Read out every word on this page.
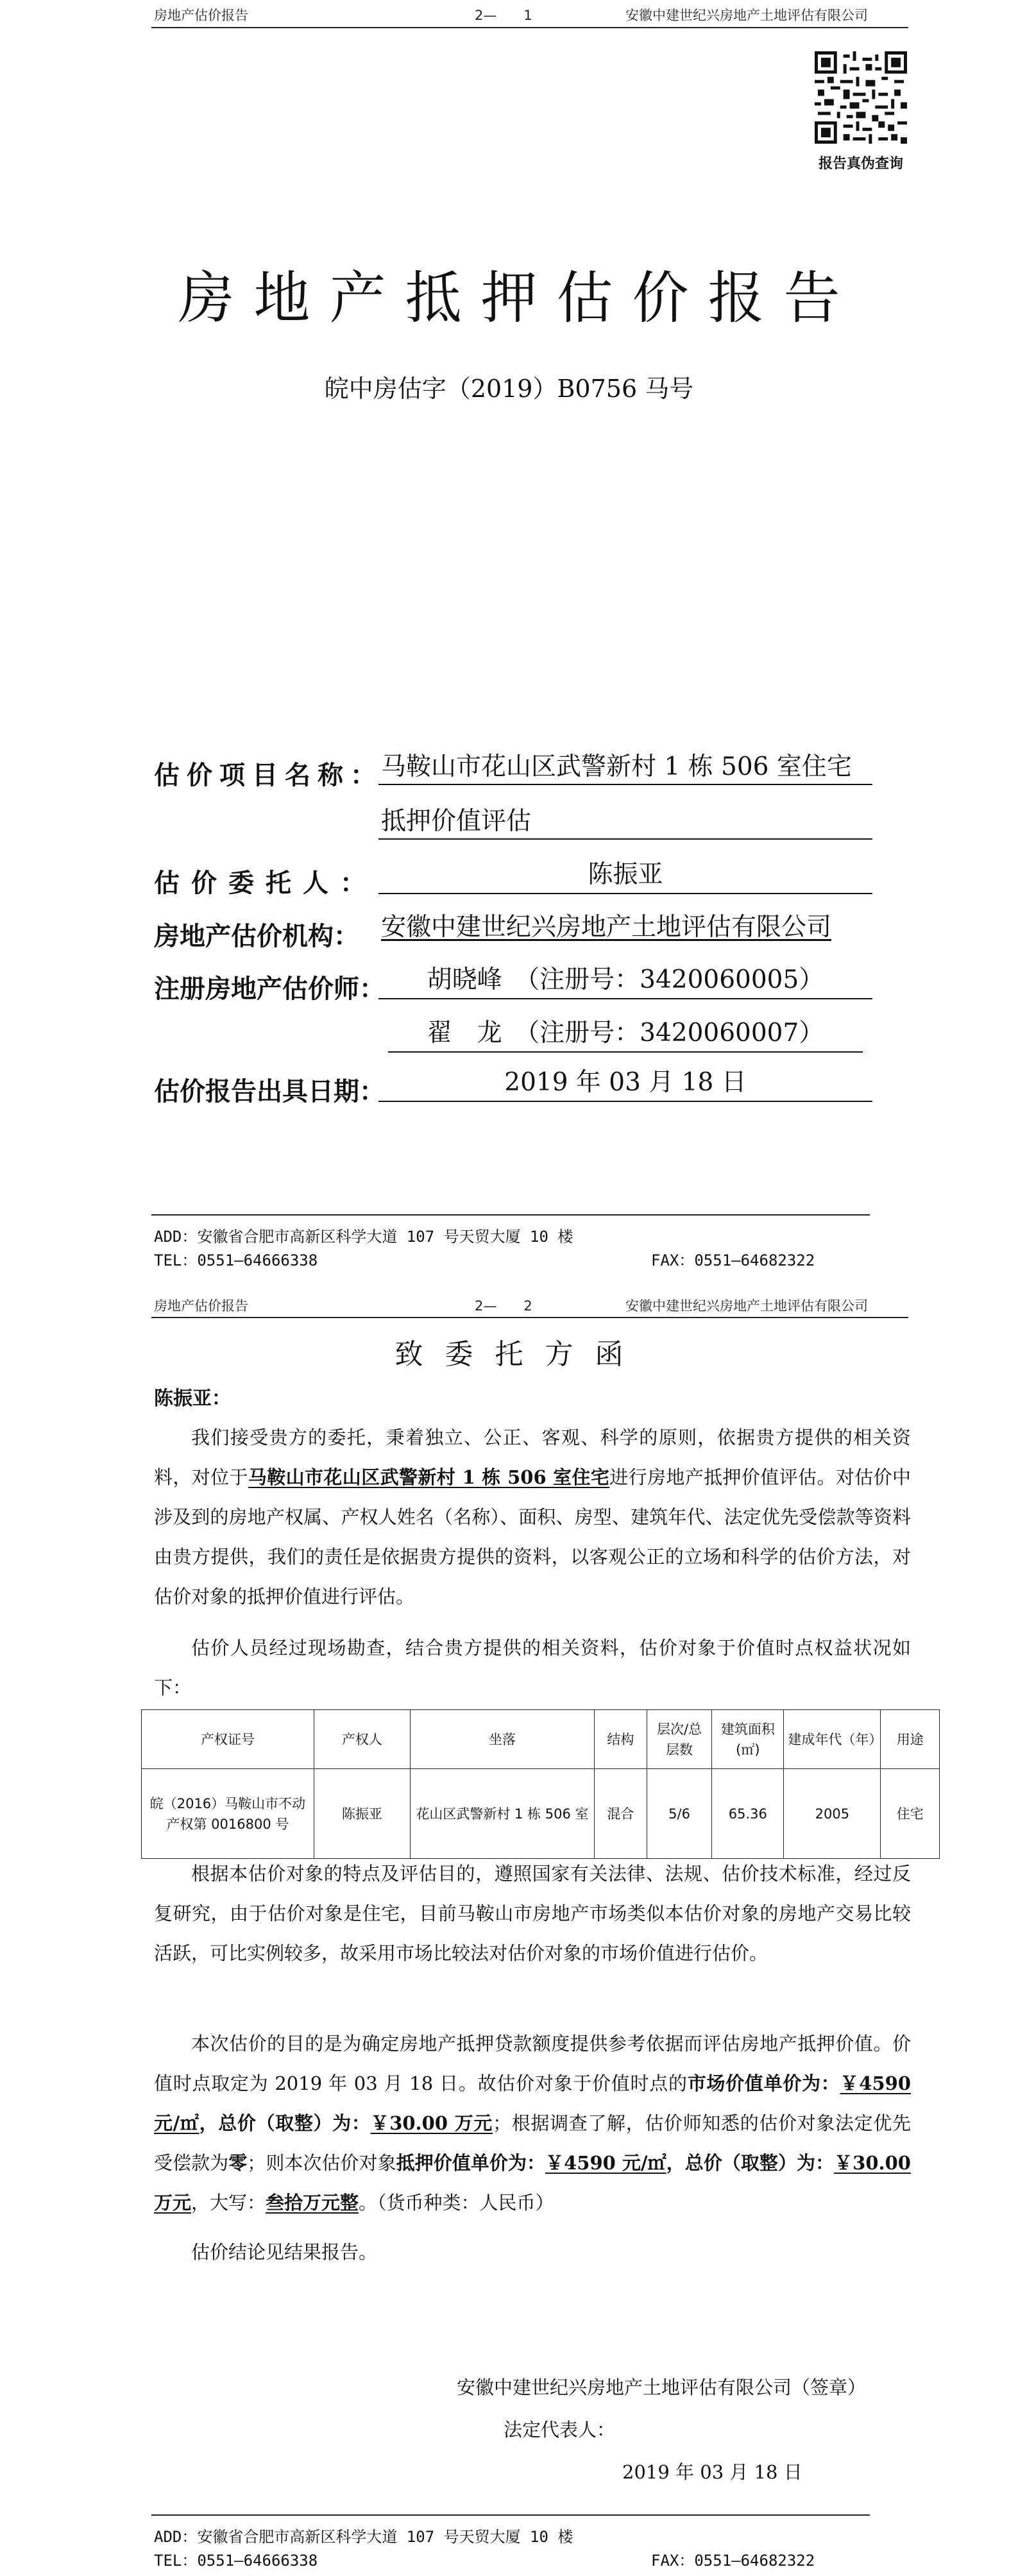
房地产估价报告	2—　　1	安徽中建世纪兴房地产土地评估有限公司
报告真伪查询
房地产抵押估价报告
皖中房估字（2019）B0756 马号
估价项目名称：
马鞍山市花山区武警新村 1 栋 506 室住宅
抵押价值评估
估价委托人：	陈振亚
房地产估价机构： 安徽中建世纪兴房地产土地评估有限公司
注册房地产估价师：	胡晓峰　（注册号：3420060005）
翟　龙　（注册号：3420060007）
估价报告出具日期：	2019 年 03 月 18 日
ADD：安徽省合肥市高新区科学大道 107 号天贸大厦 10 楼
TEL：0551—64666338	FAX：0551—64682322
房地产估价报告	2—　　2	安徽中建世纪兴房地产土地评估有限公司
致委托方函
陈振亚：
我们接受贵方的委托，秉着独立、公正、客观、科学的原则，依据贵方提供的相关资料，对位于马鞍山市花山区武警新村 1 栋 506 室住宅进行房地产抵押价值评估。对估价中涉及到的房地产权属、产权人姓名（名称）、面积、房型、建筑年代、法定优先受偿款等资料由贵方提供，我们的责任是依据贵方提供的资料，以客观公正的立场和科学的估价方法，对估价对象的抵押价值进行评估。
估价人员经过现场勘查，结合贵方提供的相关资料，估价对象于价值时点权益状况如下：
产权证号	产权人	坐落	结构	层次/总层数	建筑面积(㎡)	建成年代（年）	用途
皖（2016）马鞍山市不动产权第 0016800 号	陈振亚	花山区武警新村 1 栋 506 室	混合	5/6	65.36	2005	住宅
根据本估价对象的特点及评估目的，遵照国家有关法律、法规、估价技术标准，经过反复研究，由于估价对象是住宅，目前马鞍山市房地产市场类似本估价对象的房地产交易比较活跃，可比实例较多，故采用市场比较法对估价对象的市场价值进行估价。
本次估价的目的是为确定房地产抵押贷款额度提供参考依据而评估房地产抵押价值。价值时点取定为 2019 年 03 月 18 日。故估价对象于价值时点的市场价值单价为：￥4590 元/㎡，总价（取整）为：￥30.00 万元；根据调查了解，估价师知悉的估价对象法定优先受偿款为零；则本次估价对象抵押价值单价为：￥4590 元/㎡，总价（取整）为：￥30.00 万元，大写：叁拾万元整。（货币种类：人民币）
估价结论见结果报告。
安徽中建世纪兴房地产土地评估有限公司（签章）
法定代表人：
2019 年 03 月 18 日
ADD：安徽省合肥市高新区科学大道 107 号天贸大厦 10 楼
TEL：0551—64666338	FAX：0551—64682322
